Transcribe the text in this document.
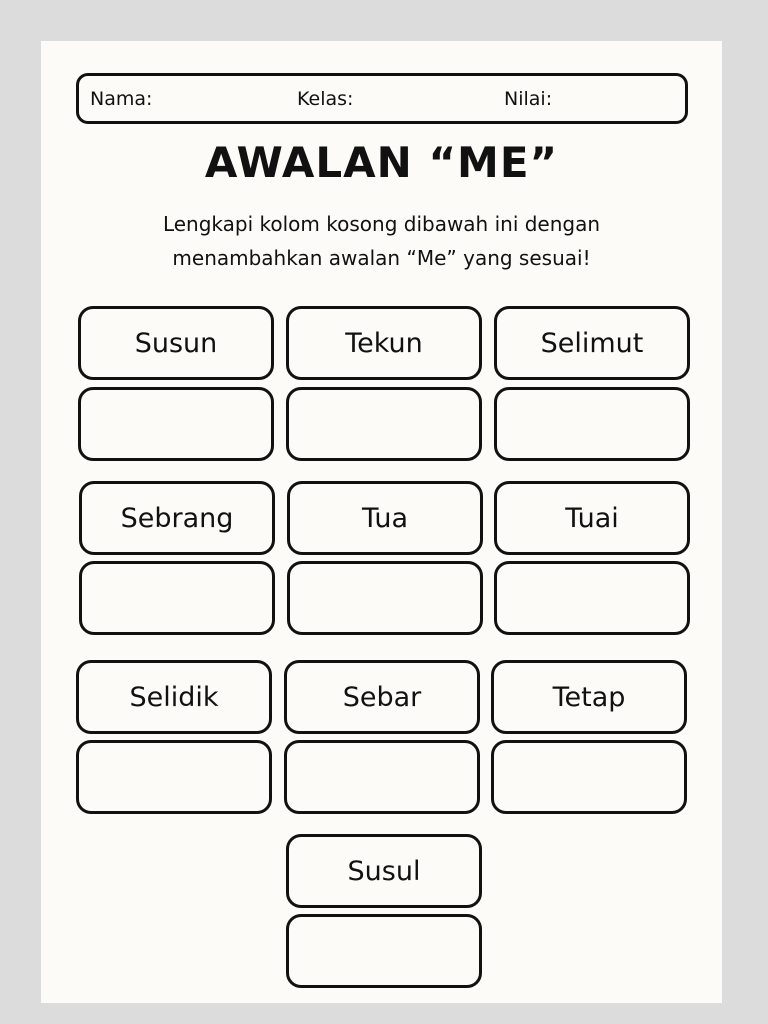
Nama:	Kelas:	Nilai:
AWALAN “ME”
Lengkapi kolom kosong dibawah ini dengan
menambahkan awalan “Me” yang sesuai!
Susun	Tekun	Selimut
Sebrang	Tua	Tuai
Selidik	Sebar	Tetap
Susul
